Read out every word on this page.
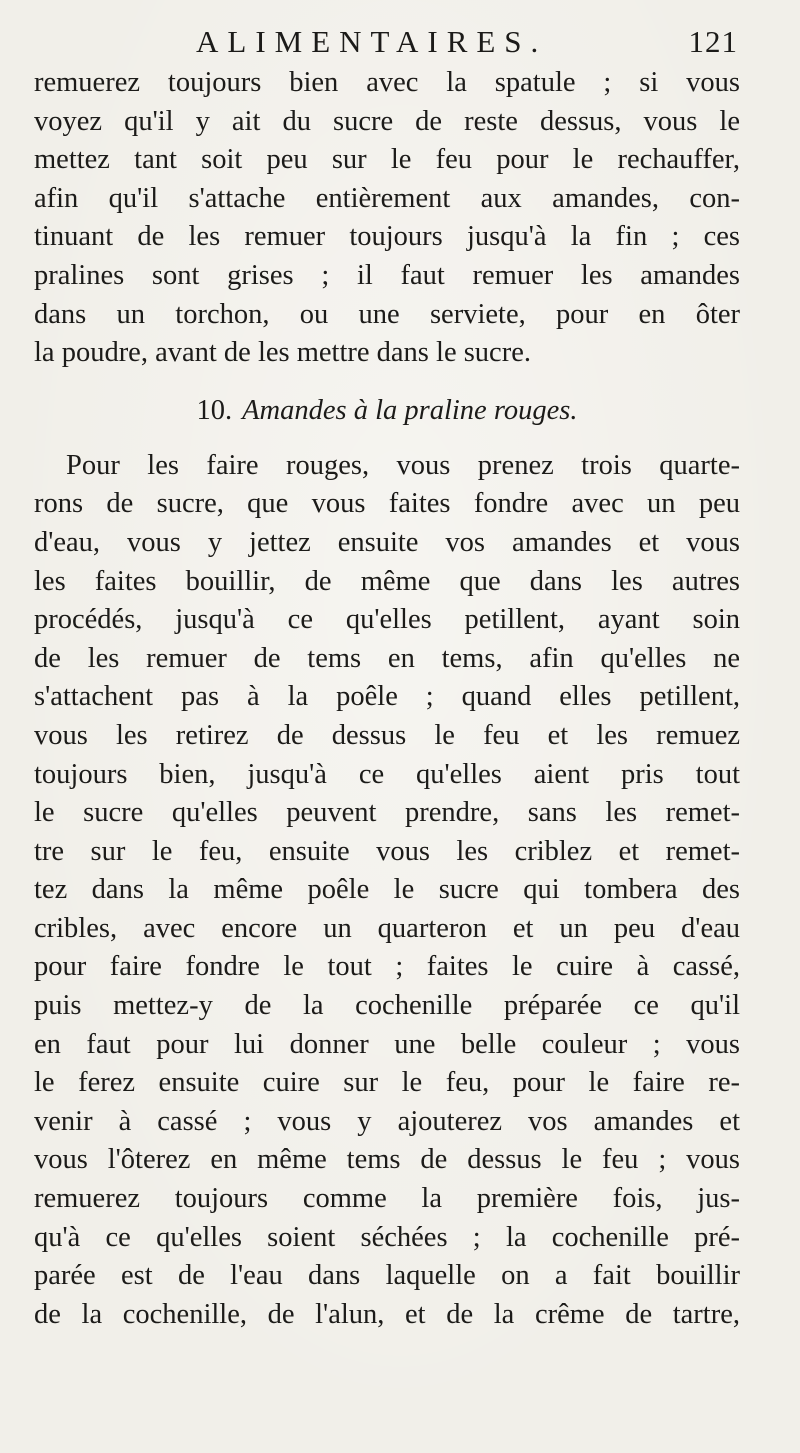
ALIMENTAIRES.	121
remuerez toujours bien avec la spatule ; si vous
voyez qu'il y ait du sucre de reste dessus, vous le
mettez tant soit peu sur le feu pour le rechauffer,
afin qu'il s'attache entièrement aux amandes, con-
tinuant de les remuer toujours jusqu'à la fin ; ces
pralines sont grises ; il faut remuer les amandes
dans un torchon, ou une serviete, pour en ôter
la poudre, avant de les mettre dans le sucre.
10. Amandes à la praline rouges.
Pour les faire rouges, vous prenez trois quarte-
rons de sucre, que vous faites fondre avec un peu
d'eau, vous y jettez ensuite vos amandes et vous
les faites bouillir, de même que dans les autres
procédés, jusqu'à ce qu'elles petillent, ayant soin
de les remuer de tems en tems, afin qu'elles ne
s'attachent pas à la poêle ; quand elles petillent,
vous les retirez de dessus le feu et les remuez
toujours bien, jusqu'à ce qu'elles aient pris tout
le sucre qu'elles peuvent prendre, sans les remet-
tre sur le feu, ensuite vous les criblez et remet-
tez dans la même poêle le sucre qui tombera des
cribles, avec encore un quarteron et un peu d'eau
pour faire fondre le tout ; faites le cuire à cassé,
puis mettez-y de la cochenille préparée ce qu'il
en faut pour lui donner une belle couleur ; vous
le ferez ensuite cuire sur le feu, pour le faire re-
venir à cassé ; vous y ajouterez vos amandes et
vous l'ôterez en même tems de dessus le feu ; vous
remuerez toujours comme la première fois, jus-
qu'à ce qu'elles soient séchées ; la cochenille pré-
parée est de l'eau dans laquelle on a fait bouillir
de la cochenille, de l'alun, et de la crême de tartre,
